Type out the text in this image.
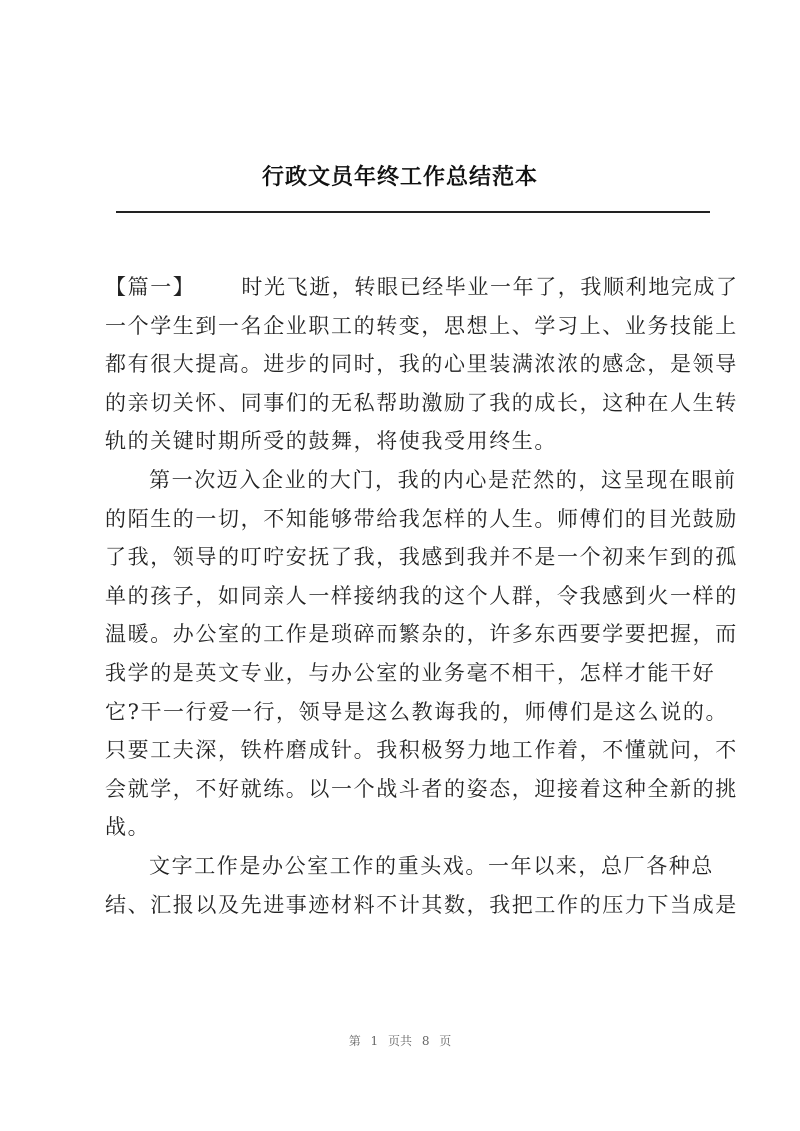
行政文员年终工作总结范本
【篇一】 时光飞逝，转眼已经毕业一年了，我顺利地完成了
一个学生到一名企业职工的转变，思想上、学习上、业务技能上
都有很大提高。进步的同时，我的心里装满浓浓的感念，是领导
的亲切关怀、同事们的无私帮助激励了我的成长，这种在人生转
轨的关键时期所受的鼓舞，将使我受用终生。
第一次迈入企业的大门，我的内心是茫然的，这呈现在眼前
的陌生的一切，不知能够带给我怎样的人生。师傅们的目光鼓励
了我，领导的叮咛安抚了我，我感到我并不是一个初来乍到的孤
单的孩子，如同亲人一样接纳我的这个人群，令我感到火一样的
温暖。办公室的工作是琐碎而繁杂的，许多东西要学要把握，而
我学的是英文专业，与办公室的业务毫不相干，怎样才能干好
它?干一行爱一行，领导是这么教诲我的，师傅们是这么说的。
只要工夫深，铁杵磨成针。我积极努力地工作着，不懂就问，不
会就学，不好就练。以一个战斗者的姿态，迎接着这种全新的挑
战。
文字工作是办公室工作的重头戏。一年以来，总厂各种总
结、汇报以及先进事迹材料不计其数，我把工作的压力下当成是
第 1 页共 8 页
